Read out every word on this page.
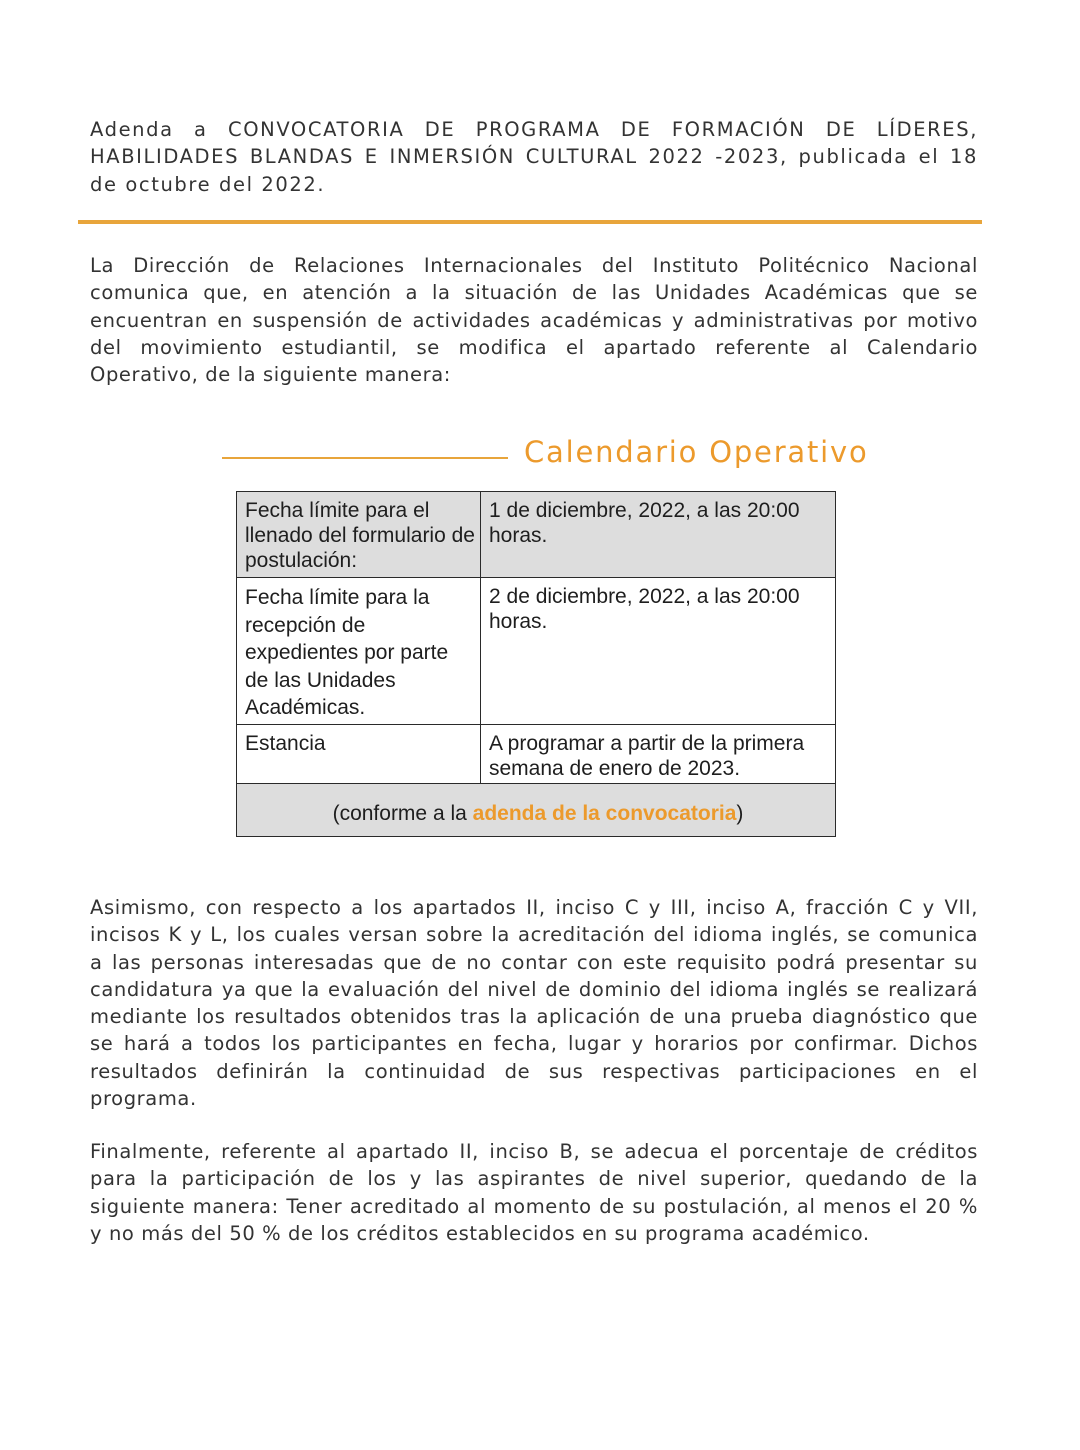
Adenda a CONVOCATORIA DE PROGRAMA DE FORMACIÓN DE LÍDERES, HABILIDADES BLANDAS E INMERSIÓN CULTURAL 2022 -2023, publicada el 18 de octubre del 2022.

La Dirección de Relaciones Internacionales del Instituto Politécnico Nacional comunica que, en atención a la situación de las Unidades Académicas que se encuentran en suspensión de actividades académicas y administrativas por motivo del movimiento estudiantil, se modifica el apartado referente al Calendario Operativo, de la siguiente manera:

Calendario Operativo
Fecha límite para el llenado del formulario de postulación:	1 de diciembre, 2022, a las 20:00 horas.
Fecha límite para la recepción de expedientes por parte de las Unidades Académicas.	2 de diciembre, 2022, a las 20:00 horas.
Estancia	A programar a partir de la primera semana de enero de 2023.
(conforme a la adenda de la convocatoria)	

Asimismo, con respecto a los apartados II, inciso C y III, inciso A, fracción C y VII, incisos K y L, los cuales versan sobre la acreditación del idioma inglés, se comunica a las personas interesadas que de no contar con este requisito podrá presentar su candidatura ya que la evaluación del nivel de dominio del idioma inglés se realizará mediante los resultados obtenidos tras la aplicación de una prueba diagnóstico que se hará a todos los participantes en fecha, lugar y horarios por confirmar. Dichos resultados definirán la continuidad de sus respectivas participaciones en el programa.

Finalmente, referente al apartado II, inciso B, se adecua el porcentaje de créditos para la participación de los y las aspirantes de nivel superior, quedando de la siguiente manera: Tener acreditado al momento de su postulación, al menos el 20 % y no más del 50 % de los créditos establecidos en su programa académico.
